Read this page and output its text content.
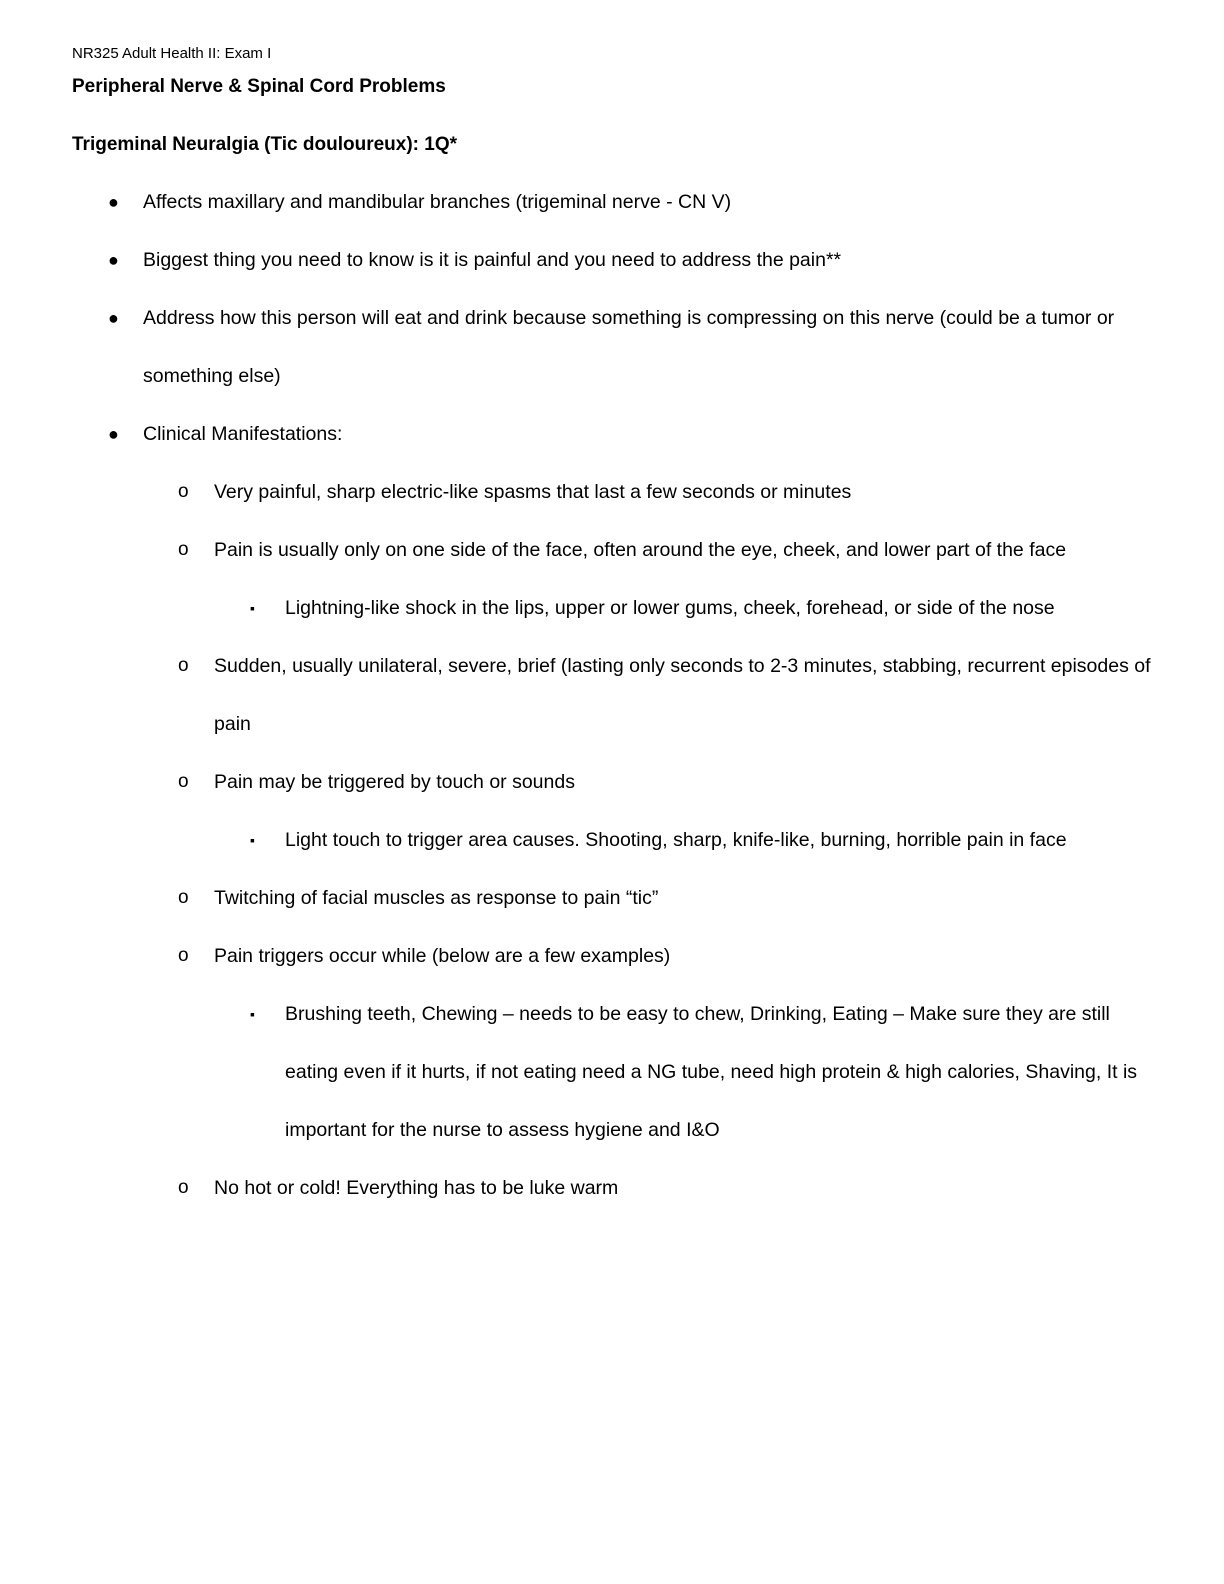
NR325 Adult Health II: Exam I
Peripheral Nerve & Spinal Cord Problems
Trigeminal Neuralgia (Tic douloureux): 1Q*
● Affects maxillary and mandibular branches (trigeminal nerve - CN V)
● Biggest thing you need to know is it is painful and you need to address the pain**
● Address how this person will eat and drink because something is compressing on this nerve (could be a tumor or something else)
● Clinical Manifestations:
o Very painful, sharp electric-like spasms that last a few seconds or minutes
o Pain is usually only on one side of the face, often around the eye, cheek, and lower part of the face
▪ Lightning-like shock in the lips, upper or lower gums, cheek, forehead, or side of the nose
o Sudden, usually unilateral, severe, brief (lasting only seconds to 2-3 minutes, stabbing, recurrent episodes of pain
o Pain may be triggered by touch or sounds
▪ Light touch to trigger area causes. Shooting, sharp, knife-like, burning, horrible pain in face
o Twitching of facial muscles as response to pain “tic”
o Pain triggers occur while (below are a few examples)
▪ Brushing teeth, Chewing – needs to be easy to chew, Drinking, Eating – Make sure they are still eating even if it hurts, if not eating need a NG tube, need high protein & high calories, Shaving, It is important for the nurse to assess hygiene and I&O
o No hot or cold! Everything has to be luke warm
